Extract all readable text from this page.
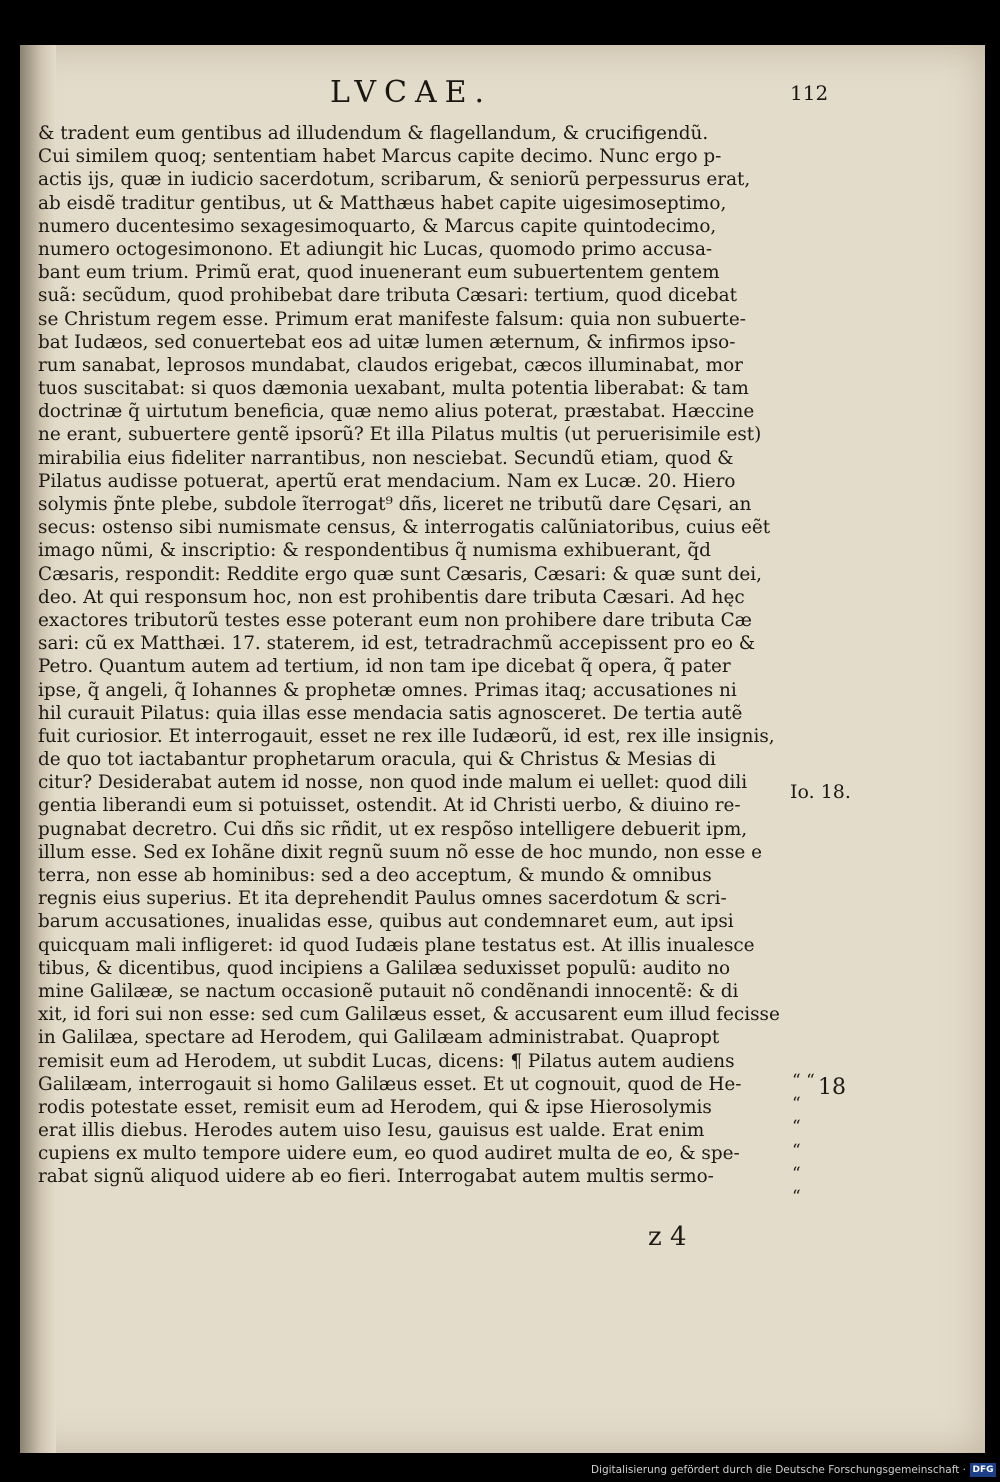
LVCAE.	112
& tradent eum gentibus ad illudendum & flagellandum, & crucifigendũ.
Cui similem quoq; sententiam habet Marcus capite decimo. Nunc ergo p-
actis ijs, quæ in iudicio sacerdotum, scribarum, & seniorũ perpessurus erat,
ab eisdẽ traditur gentibus, ut & Matthæus habet capite uigesimoseptimo,
numero ducentesimo sexagesimoquarto, & Marcus capite quintodecimo,
numero octogesimonono. Et adiungit hic Lucas, quomodo primo accusa-
bant eum trium. Primũ erat, quod inuenerant eum subuertentem gentem
suã: secũdum, quod prohibebat dare tributa Cæsari: tertium, quod dicebat
se Christum regem esse. Primum erat manifeste falsum: quia non subuerte-
bat Iudæos, sed conuertebat eos ad uitæ lumen æternum, & infirmos ipso-
rum sanabat, leprosos mundabat, claudos erigebat, cæcos illuminabat, mor
tuos suscitabat: si quos dæmonia uexabant, multa potentia liberabat: & tam
doctrinæ q̃ uirtutum beneficia, quæ nemo alius poterat, præstabat. Hæccine
ne erant, subuertere gentẽ ipsorũ? Et illa Pilatus multis (ut peruerisimile est)
mirabilia eius fideliter narrantibus, non nesciebat. Secundũ etiam, quod &
Pilatus audisse potuerat, apertũ erat mendacium. Nam ex Lucæ. 20. Hiero
solymis p̃nte plebe, subdole ĩterrogat⁹ dñs, liceret ne tributũ dare Cęsari, an
secus: ostenso sibi numismate census, & interrogatis calũniatoribus, cuius eẽt
imago nũmi, & inscriptio: & respondentibus q̃ numisma exhibuerant, q̃d
Cæsaris, respondit: Reddite ergo quæ sunt Cæsaris, Cæsari: & quæ sunt dei,
deo. At qui responsum hoc, non est prohibentis dare tributa Cæsari. Ad hęc
exactores tributorũ testes esse poterant eum non prohibere dare tributa Cæ
sari: cũ ex Matthæi. 17. staterem, id est, tetradrachmũ accepissent pro eo &
Petro. Quantum autem ad tertium, id non tam ipe dicebat q̃ opera, q̃ pater
ipse, q̃ angeli, q̃ Iohannes & prophetæ omnes. Primas itaq; accusationes ni
hil curauit Pilatus: quia illas esse mendacia satis agnosceret. De tertia autẽ
fuit curiosior. Et interrogauit, esset ne rex ille Iudæorũ, id est, rex ille insignis,
de quo tot iactabantur prophetarum oracula, qui & Christus & Mesias di
citur? Desiderabat autem id nosse, non quod inde malum ei uellet: quod dili
gentia liberandi eum si potuisset, ostendit. At id Christi uerbo, & diuino re-
pugnabat decretro. Cui dñs sic rñdit, ut ex respõso intelligere debuerit ipm,
illum esse. Sed ex Iohãne dixit regnũ suum nõ esse de hoc mundo, non esse e
terra, non esse ab hominibus: sed a deo acceptum, & mundo & omnibus
regnis eius superius. Et ita deprehendit Paulus omnes sacerdotum & scri-
barum accusationes, inualidas esse, quibus aut condemnaret eum, aut ipsi
quicquam mali infligeret: id quod Iudæis plane testatus est. At illis inualesce
tibus, & dicentibus, quod incipiens a Galilæa seduxisset populũ: audito no
mine Galilææ, se nactum occasionẽ putauit nõ condẽnandi innocentẽ: & di
xit, id fori sui non esse: sed cum Galilæus esset, & accusarent eum illud fecisse
in Galilæa, spectare ad Herodem, qui Galilæam administrabat. Quapropt
remisit eum ad Herodem, ut subdit Lucas, dicens: ¶ Pilatus autem audiens
Galilæam, interrogauit si homo Galilæus esset. Et ut cognouit, quod de He-
rodis potestate esset, remisit eum ad Herodem, qui & ipse Hierosolymis
erat illis diebus. Herodes autem uiso Iesu, gauisus est ualde. Erat enim
cupiens ex multo tempore uidere eum, eo quod audiret multa de eo, & spe-
rabat signũ aliquod uidere ab eo fieri. Interrogabat autem multis sermo-
Io. 18.
18
“ “
“
“
“
“
“
z 4
Digitalisierung gefördert durch die Deutsche Forschungsgemeinschaft · DFG
